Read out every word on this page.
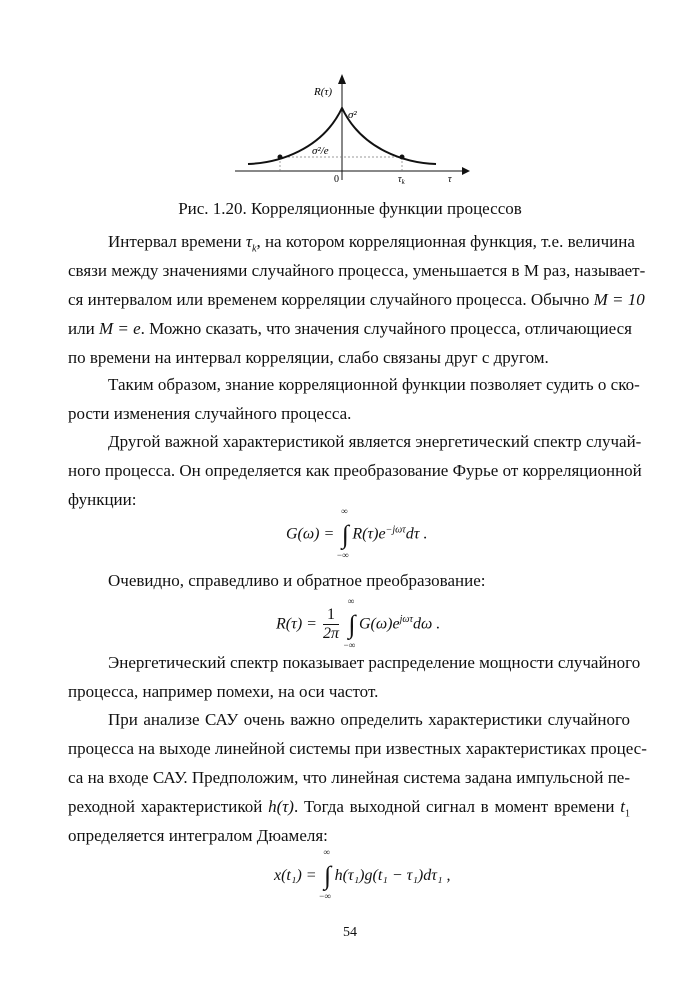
R(τ)
σ²
σ²/e
0	$\tau_k$	τ
Рис. 1.20. Корреляционные функции процессов
Интервал времени $\tau_k$, на котором корреляционная функция, т.е. величина
связи между значениями случайного процесса, уменьшается в М раз, называет-
ся интервалом или временем корреляции случайного процесса. Обычно M = 10
или M = e. Можно сказать, что значения случайного процесса, отличающиеся
по времени на интервал корреляции, слабо связаны друг с другом.
Таким образом, знание корреляционной функции позволяет судить о ско-
рости изменения случайного процесса.
Другой важной характеристикой является энергетический спектр случай-
ного процесса. Он определяется как преобразование Фурье от корреляционной
функции:
G(ω) =
∞
∫
−∞
$R(\tau)e^{-j\omega\tau}d\tau$ .
Очевидно, справедливо и обратное преобразование:
$R(\tau) = \frac{1}{2\pi}$

∞
∫
−∞
$G(\omega)e^{j\omega\tau}d\omega$ .
Энергетический спектр показывает распределение мощности случайного
процесса, например помехи, на оси частот.
При анализе САУ очень важно определить характеристики случайного
процесса на выходе линейной системы при известных характеристиках процес-
са на входе САУ. Предположим, что линейная система задана импульсной пе-
реходной характеристикой h(τ). Тогда выходной сигнал в момент времени $t_1$
определяется интегралом Дюамеля:
x(t₁) =
∞
∫
−∞
h(τ₁)g(t₁ − τ₁)dτ₁ ,
54
